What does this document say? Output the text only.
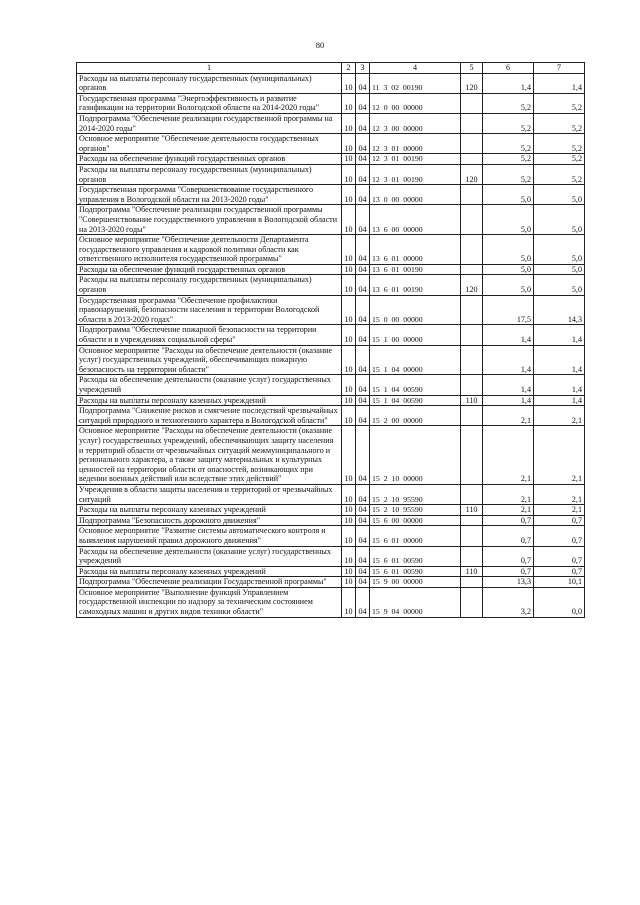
80
1	2	3	4	5	6	7
Расходы на выплаты персоналу государственных (муниципальных) органов	10	04	11  3  02  00190	120	1,4	1,4
Государственная программа "Энергоэффективность и развитие газификации на территории Вологодской области на 2014-2020 годы"	10	04	12  0  00  00000		5,2	5,2
Подпрограмма "Обеспечение реализации государственной программы на 2014-2020 годы"	10	04	12  3  00  00000		5,2	5,2
Основное мероприятие "Обеспечение деятельности государственных органов"	10	04	12  3  01  00000		5,2	5,2
Расходы на обеспечение функций государственных органов	10	04	12  3  01  00190		5,2	5,2
Расходы на выплаты персоналу государственных (муниципальных) органов	10	04	12  3  01  00190	120	5,2	5,2
Государственная программа "Совершенствование государственного управления в Вологодской области на 2013-2020 годы"	10	04	13  0  00  00000		5,0	5,0
Подпрограмма "Обеспечение реализации государственной программы "Совершенствование государственного управления в Вологодской области на 2013-2020 годы"	10	04	13  6  00  00000		5,0	5,0
Основное мероприятие "Обеспечение деятельности Департамента государственного управления и кадровой политики области как ответственного исполнителя государственной программы"	10	04	13  6  01  00000		5,0	5,0
Расходы на обеспечение функций государственных органов	10	04	13  6  01  00190		5,0	5,0
Расходы на выплаты персоналу государственных (муниципальных) органов	10	04	13  6  01  00190	120	5,0	5,0
Государственная программа "Обеспечение профилактики правонарушений, безопасности населения и территории Вологодской области в 2013-2020 годах"	10	04	15  0  00  00000		17,5	14,3
Подпрограмма "Обеспечение пожарной безопасности на территории области и в учреждениях социальной сферы"	10	04	15  1  00  00000		1,4	1,4
Основное мероприятие "Расходы на обеспечение деятельности (оказание услуг) государственных учреждений, обеспечивающих пожарную безопасность на территории области"	10	04	15  1  04  00000		1,4	1,4
Расходы на обеспечение деятельности (оказание услуг) государственных учреждений	10	04	15  1  04  00590		1,4	1,4
Расходы на выплаты персоналу казенных учреждений	10	04	15  1  04  00590	110	1,4	1,4
Подпрограмма "Снижение рисков и смягчение последствий чрезвычайных ситуаций природного и техногенного характера в Вологодской области"	10	04	15  2  00  00000		2,1	2,1
Основное мероприятие "Расходы на обеспечение деятельности (оказание услуг) государственных учреждений, обеспечивающих защиту населения и территорий области от чрезвычайных ситуаций межмуниципального и регионального характера, а также защиту материальных и культурных ценностей на территории области от опасностей, возникающих при ведении военных действий или вследствие этих действий"	10	04	15  2  10  00000		2,1	2,1
Учреждения в области защиты населения и территорий от чрезвычайных ситуаций	10	04	15  2  10  95590		2,1	2,1
Расходы на выплаты персоналу казенных учреждений	10	04	15  2  10  95590	110	2,1	2,1
Подпрограмма "Безопасность дорожного движения"	10	04	15  6  00  00000		0,7	0,7
Основное мероприятие "Развитие системы автоматического контроля и выявления нарушений правил дорожного движения"	10	04	15  6  01  00000		0,7	0,7
Расходы на обеспечение деятельности (оказание услуг) государственных учреждений	10	04	15  6  01  00590		0,7	0,7
Расходы на выплаты персоналу казенных учреждений	10	04	15  6  01  00590	110	0,7	0,7
Подпрограмма "Обеспечение реализации Государственной программы"	10	04	15  9  00  00000		13,3	10,1
Основное мероприятие "Выполнение функций Управлением государственной инспекции по надзору за техническим состоянием самоходных машин и других видов техники области"	10	04	15  9  04  00000		3,2	0,0
